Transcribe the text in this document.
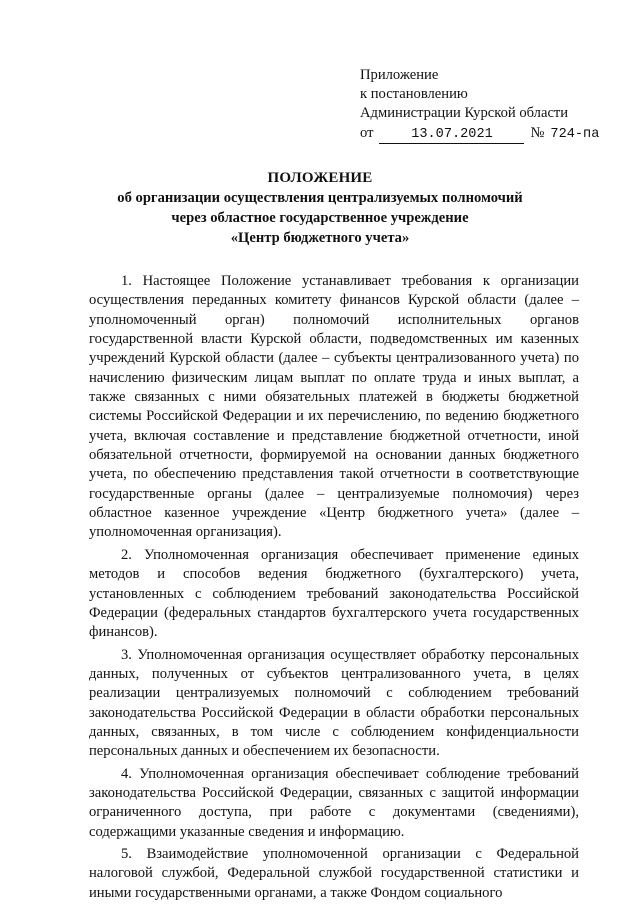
Приложение
к постановлению
Администрации Курской области
от	13.07.2021	№ 724-па
ПОЛОЖЕНИЕ
об организации осуществления централизуемых полномочий
через областное государственное учреждение
«Центр бюджетного учета»

1. Настоящее Положение устанавливает требования к организации осуществления переданных комитету финансов Курской области (далее – уполномоченный орган) полномочий исполнительных органов государственной власти Курской области, подведомственных им казенных учреждений Курской области (далее – субъекты централизованного учета) по начислению физическим лицам выплат по оплате труда и иных выплат, а также связанных с ними обязательных платежей в бюджеты бюджетной системы Российской Федерации и их перечислению, по ведению бюджетного учета, включая составление и представление бюджетной отчетности, иной обязательной отчетности, формируемой на основании данных бюджетного учета, по обеспечению представления такой отчетности в соответствующие государственные органы (далее – централизуемые полномочия) через областное казенное учреждение «Центр бюджетного учета» (далее – уполномоченная организация).

2. Уполномоченная организация обеспечивает применение единых методов и способов ведения бюджетного (бухгалтерского) учета, установленных с соблюдением требований законодательства Российской Федерации (федеральных стандартов бухгалтерского учета государственных финансов).

3. Уполномоченная организация осуществляет обработку персональных данных, полученных от субъектов централизованного учета, в целях реализации централизуемых полномочий с соблюдением требований законодательства Российской Федерации в области обработки персональных данных, связанных, в том числе с соблюдением конфиденциальности персональных данных и обеспечением их безопасности.

4. Уполномоченная организация обеспечивает соблюдение требований законодательства Российской Федерации, связанных с защитой информации ограниченного доступа, при работе с документами (сведениями), содержащими указанные сведения и информацию.

5. Взаимодействие уполномоченной организации с Федеральной налоговой службой, Федеральной службой государственной статистики и иными государственными органами, а также Фондом социального
